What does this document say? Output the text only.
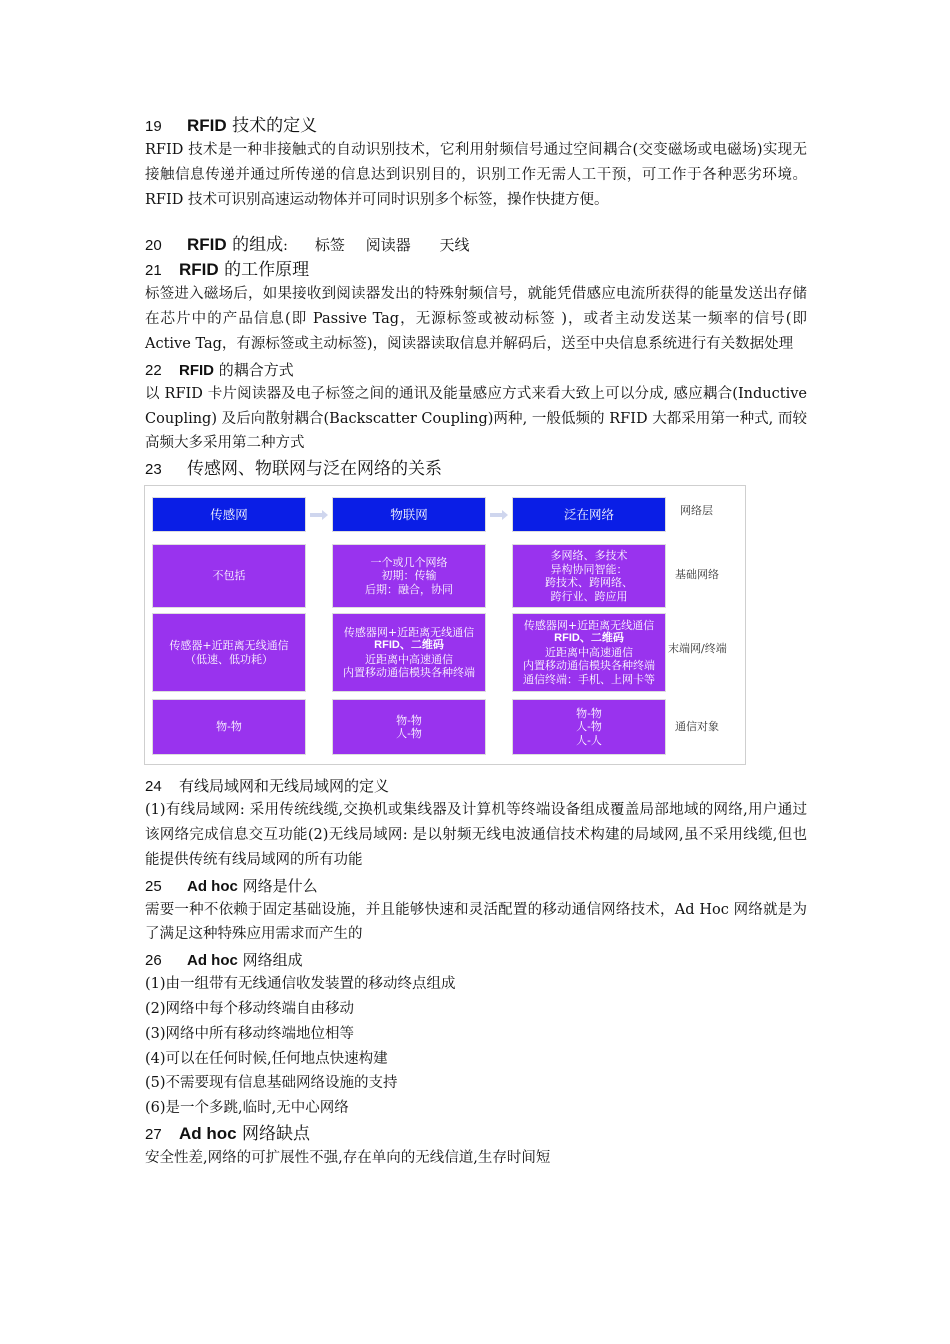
19 RFID 技术的定义

RFID 技术是一种非接触式的自动识别技术，它利用射频信号通过空间耦合(交变磁场或电磁场)实现无接触信息传递并通过所传递的信息达到识别目的，识别工作无需人工干预，可工作于各种恶劣环境。RFID 技术可识别高速运动物体并可同时识别多个标签，操作快捷方便。

20 RFID 的组成: 标签 阅读器 天线
21 RFID 的工作原理

标签进入磁场后，如果接收到阅读器发出的特殊射频信号，就能凭借感应电流所获得的能量发送出存储在芯片中的产品信息(即 Passive Tag，无源标签或被动标签 )，或者主动发送某一频率的信号(即 Active Tag，有源标签或主动标签)，阅读器读取信息并解码后，送至中央信息系统进行有关数据处理

22 RFID 的耦合方式

以 RFID 卡片阅读器及电子标签之间的通讯及能量感应方式来看大致上可以分成, 感应耦合(Inductive Coupling) 及后向散射耦合(Backscatter Coupling)两种, 一般低频的 RFID 大都采用第一种式, 而较高频大多采用第二种方式

23 传感网、物联网与泛在网络的关系
传感网	物联网	泛在网络
不包括
一个或几个网络
初期：传输
后期：融合，协同
多网络、多技术
异构协同智能：
跨技术、跨网络、
跨行业、跨应用
传感器+近距离无线通信
（低速、低功耗）
传感器网+近距离无线通信
RFID、二维码
近距离中高速通信
内置移动通信模块各种终端
传感器网+近距离无线通信
RFID、二维码
近距离中高速通信
内置移动通信模块各种终端
通信终端：手机、上网卡等
物-物
物-物
人-物
物-物
人-物
人-人
网络层
基础网络
末端网/终端
通信对象
24 有线局域网和无线局域网的定义

(1)有线局域网: 采用传统线缆,交换机或集线器及计算机等终端设备组成覆盖局部地域的网络,用户通过该网络完成信息交互功能(2)无线局域网: 是以射频无线电波通信技术构建的局域网,虽不采用线缆,但也能提供传统有线局域网的所有功能

25 Ad hoc 网络是什么

需要一种不依赖于固定基础设施，并且能够快速和灵活配置的移动通信网络技术，Ad Hoc 网络就是为了满足这种特殊应用需求而产生的

26 Ad hoc 网络组成

(1)由一组带有无线通信收发装置的移动终点组成

(2)网络中每个移动终端自由移动

(3)网络中所有移动终端地位相等

(4)可以在任何时候,任何地点快速构建

(5)不需要现有信息基础网络设施的支持

(6)是一个多跳,临时,无中心网络

27 Ad hoc 网络缺点

安全性差,网络的可扩展性不强,存在单向的无线信道,生存时间短
